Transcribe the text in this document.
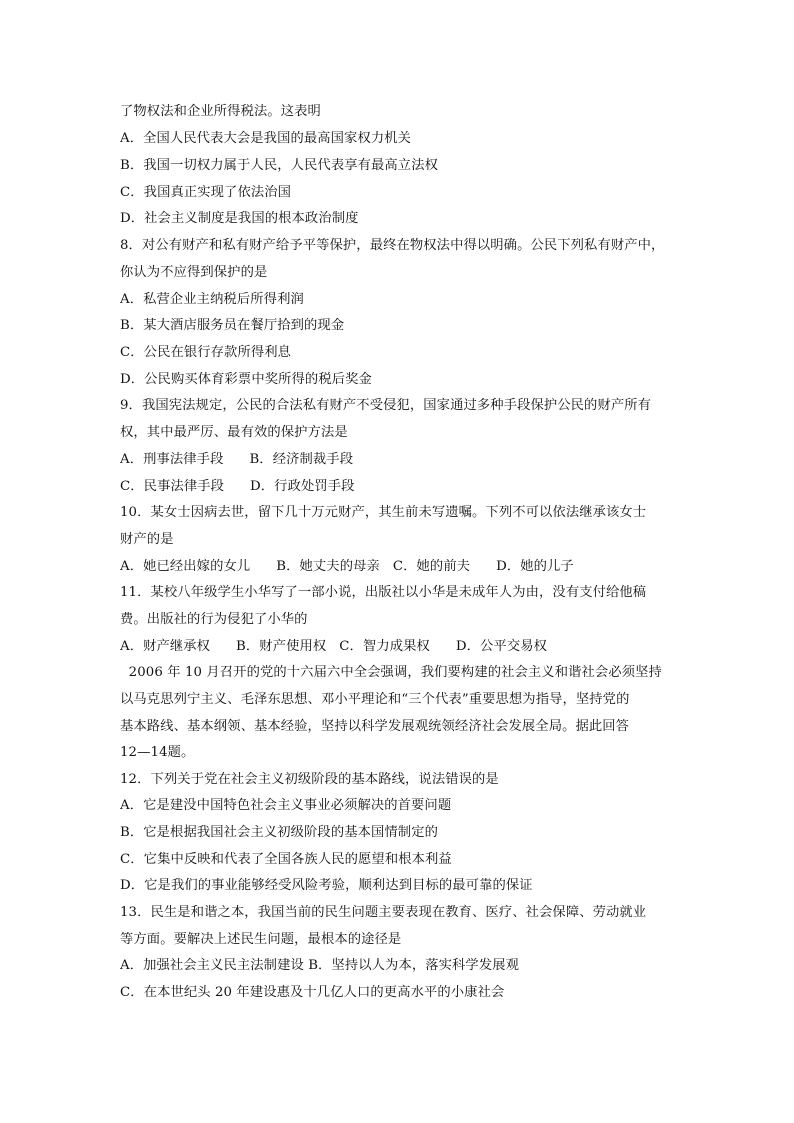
了物权法和企业所得税法。这表明
A．全国人民代表大会是我国的最高国家权力机关
B．我国一切权力属于人民，人民代表享有最高立法权
C．我国真正实现了依法治国
D．社会主义制度是我国的根本政治制度
8．对公有财产和私有财产给予平等保护，最终在物权法中得以明确。公民下列私有财产中，
你认为不应得到保护的是
A．私营企业主纳税后所得利润
B．某大酒店服务员在餐厅拾到的现金
C．公民在银行存款所得利息
D．公民购买体育彩票中奖所得的税后奖金
9．我国宪法规定，公民的合法私有财产不受侵犯，国家通过多种手段保护公民的财产所有
权，其中最严厉、最有效的保护方法是
A．刑事法律手段      B．经济制裁手段
C．民事法律手段      D．行政处罚手段
10．某女士因病去世，留下几十万元财产，其生前未写遗嘱。下列不可以依法继承该女士
财产的是
A．她已经出嫁的女儿      B．她丈夫的母亲   C．她的前夫      D．她的儿子
11．某校八年级学生小华写了一部小说，出版社以小华是未成年人为由，没有支付给他稿
费。出版社的行为侵犯了小华的
A．财产继承权      B．财产使用权   C．智力成果权      D．公平交易权
2006 年 10 月召开的党的十六届六中全会强调，我们要构建的社会主义和谐社会必须坚持
以马克思列宁主义、毛泽东思想、邓小平理论和“三个代表”重要思想为指导，坚持党的
基本路线、基本纲领、基本经验，坚持以科学发展观统领经济社会发展全局。据此回答
12—14题。
12．下列关于党在社会主义初级阶段的基本路线，说法错误的是
A．它是建没中国特色社会主义事业必须解决的首要问题
B．它是根据我国社会主义初级阶段的基本国情制定的
C．它集中反映和代表了全国各族人民的愿望和根本利益
D．它是我们的事业能够经受风险考验，顺利达到目标的最可靠的保证
13．民生是和谐之本，我国当前的民生问题主要表现在教育、医疗、社会保障、劳动就业
等方面。要解决上述民生问题，最根本的途径是
A．加强社会主义民主法制建设 B．坚持以人为本，落实科学发展观
C．在本世纪头 20 年建设惠及十几亿人口的更高水平的小康社会
